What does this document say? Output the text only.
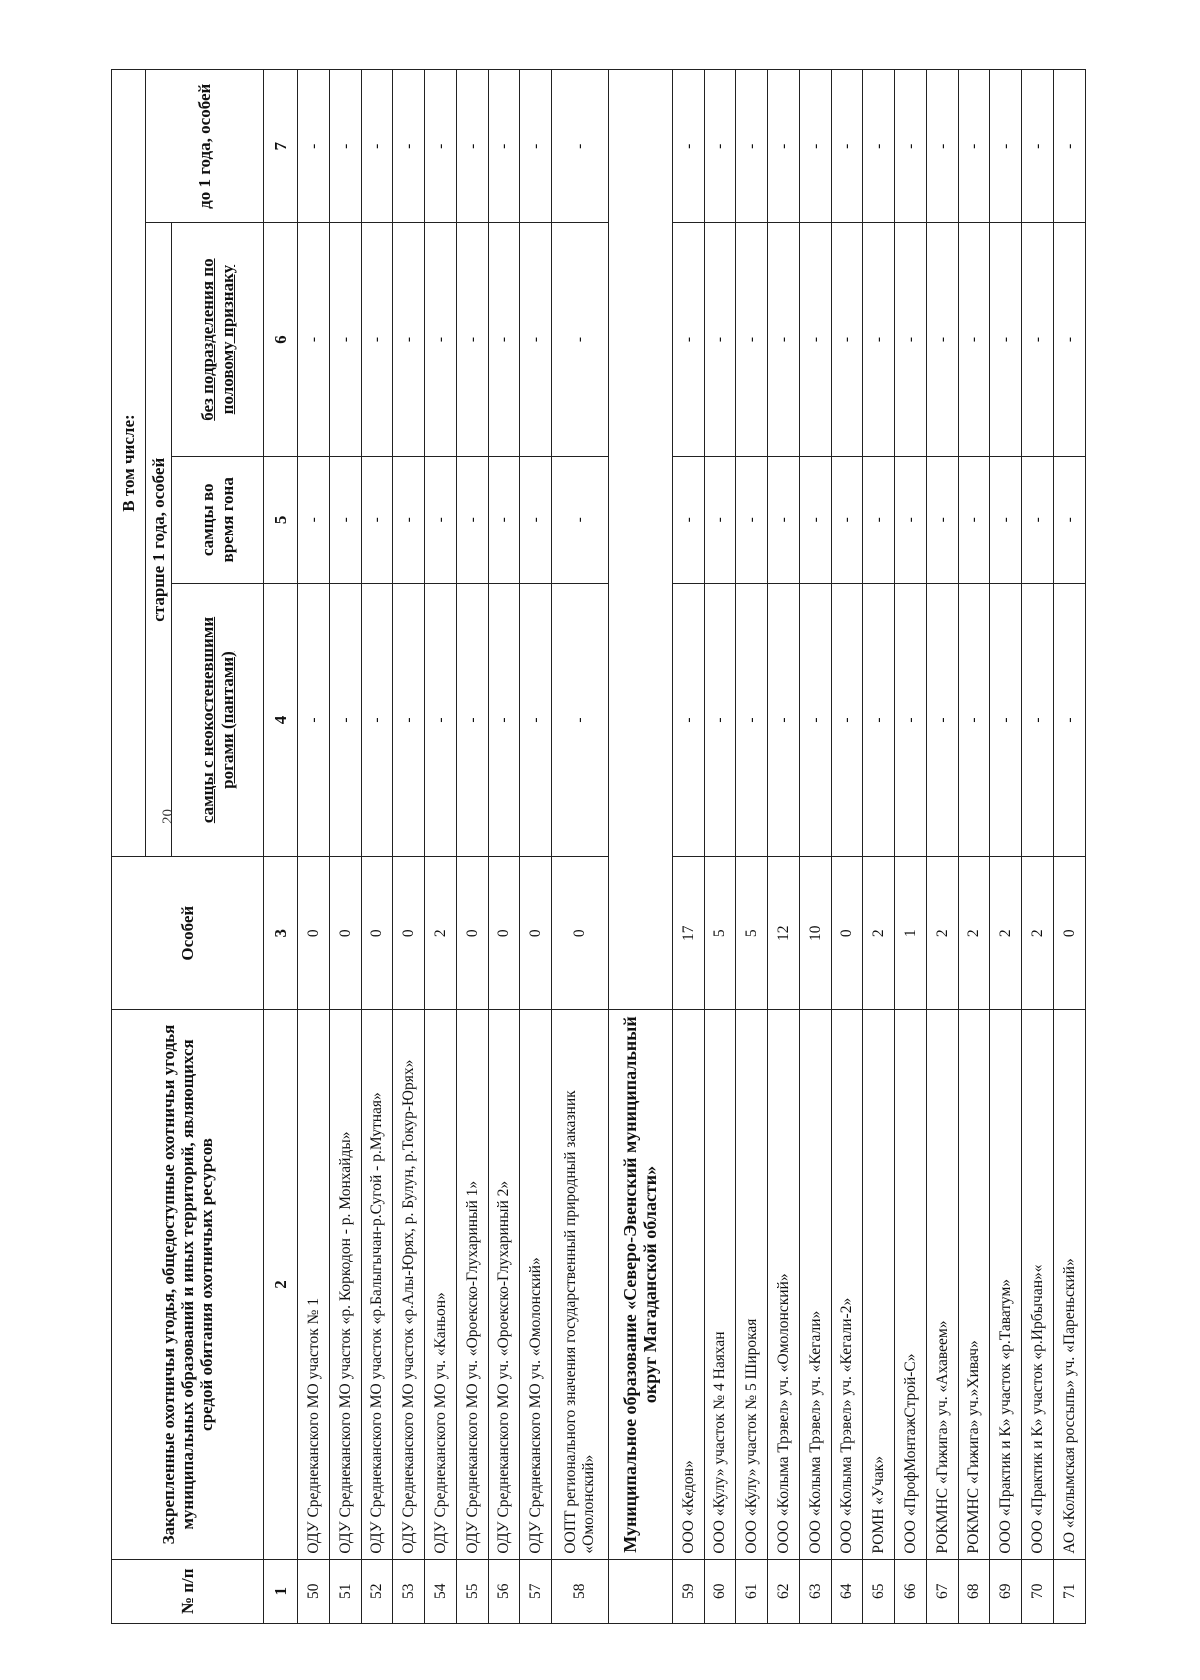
20
№ п/п	Закрепленные охотничьи угодья, общедоступные охотничьи угодья муниципальных образований и иных территорий, являющихся средой обитания охотничьих ресурсов	Особей	В том числе:			
			старше 1 года, особей			до 1 года, особей
			самцы с неокостеневшими рогами (пантами)	самцы во время гона	без подразделения по половому признаку	
1	2	3	4	5	6	7
50	ОДУ Среднеканского МО участок № 1	0	-	-	-	-
51	ОДУ Среднеканского МО участок «р. Коркодон - р. Монхайды»	0	-	-	-	-
52	ОДУ Среднеканского МО участок «р.Балыгычан-р.Сугой - р.Мутная»	0	-	-	-	-
53	ОДУ Среднеканского МО участок «р.Алы-Юрях, р. Булун, р.Токур-Юрях»	0	-	-	-	-
54	ОДУ Среднеканского МО уч. «Каньон»	2	-	-	-	-
55	ОДУ Среднеканского МО уч. «Ороекско-Глухариный 1»	0	-	-	-	-
56	ОДУ Среднеканского МО уч. «Ороекско-Глухариный 2»	0	-	-	-	-
57	ОДУ Среднеканского МО уч. «Омолонский»	0	-	-	-	-
58	ООПТ регионального значения государственный природный заказник «Омолонский»	0	-	-	-	-
	Муниципальное образование «Северо-Эвенский муниципальный округ Магаданской области»					
59	ООО «Кедон»	17	-	-	-	-
60	ООО «Кулу» участок № 4 Наяхан	5	-	-	-	-
61	ООО «Кулу» участок № 5 Широкая	5	-	-	-	-
62	ООО «Колыма Трэвел» уч. «Омолонский»	12	-	-	-	-
63	ООО «Колыма Трэвел» уч. «Кегали»	10	-	-	-	-
64	ООО «Колыма Трэвел» уч. «Кегали-2»	0	-	-	-	-
65	РОМН «Учак»	2	-	-	-	-
66	ООО «ПрофМонтажСтрой-С»	1	-	-	-	-
67	РОКМНС «Гижига» уч. «Ахавеем»	2	-	-	-	-
68	РОКМНС «Гижига» уч.»Хивач»	2	-	-	-	-
69	ООО «Практик и К» участок «р.Таватум»	2	-	-	-	-
70	ООО «Практик и К» участок «р.Ирбычан»«	2	-	-	-	-
71	АО «Колымская россыпь» уч. «Пареньский»	0	-	-	-	-
